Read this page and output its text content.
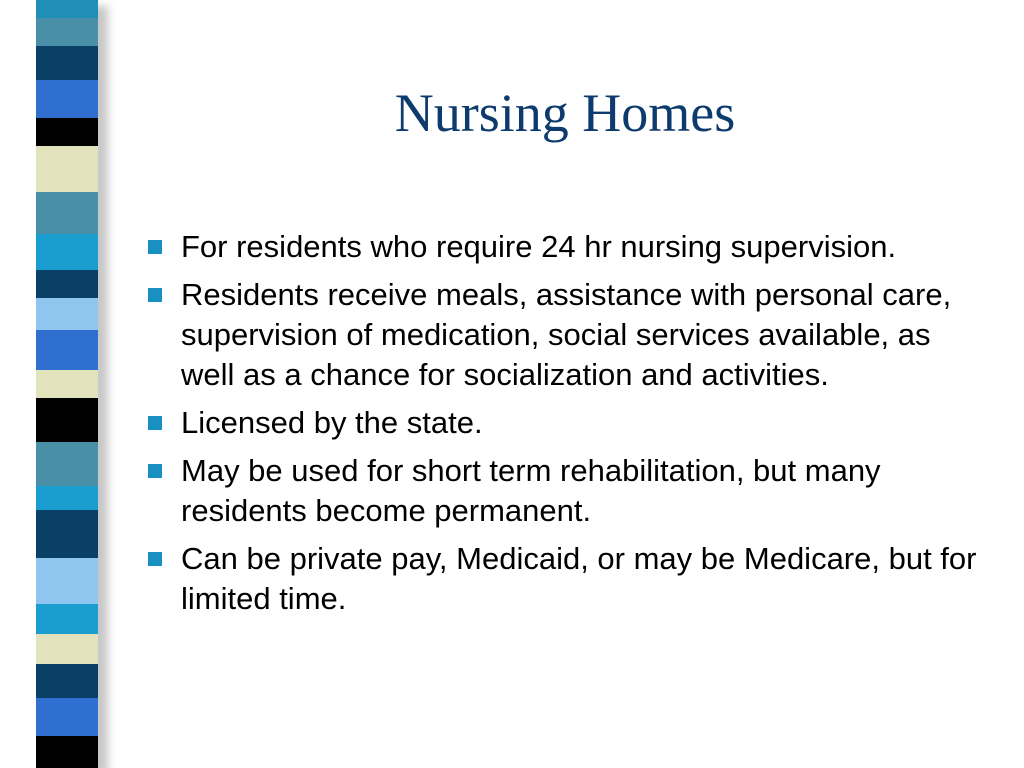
Nursing Homes
For residents who require 24 hr nursing supervision.
Residents receive meals, assistance with personal care, supervision of medication, social services available, as well as a chance for socialization and activities.
Licensed by the state.
May be used for short term rehabilitation, but many residents become permanent.
Can be private pay, Medicaid, or may be Medicare, but for limited time.
